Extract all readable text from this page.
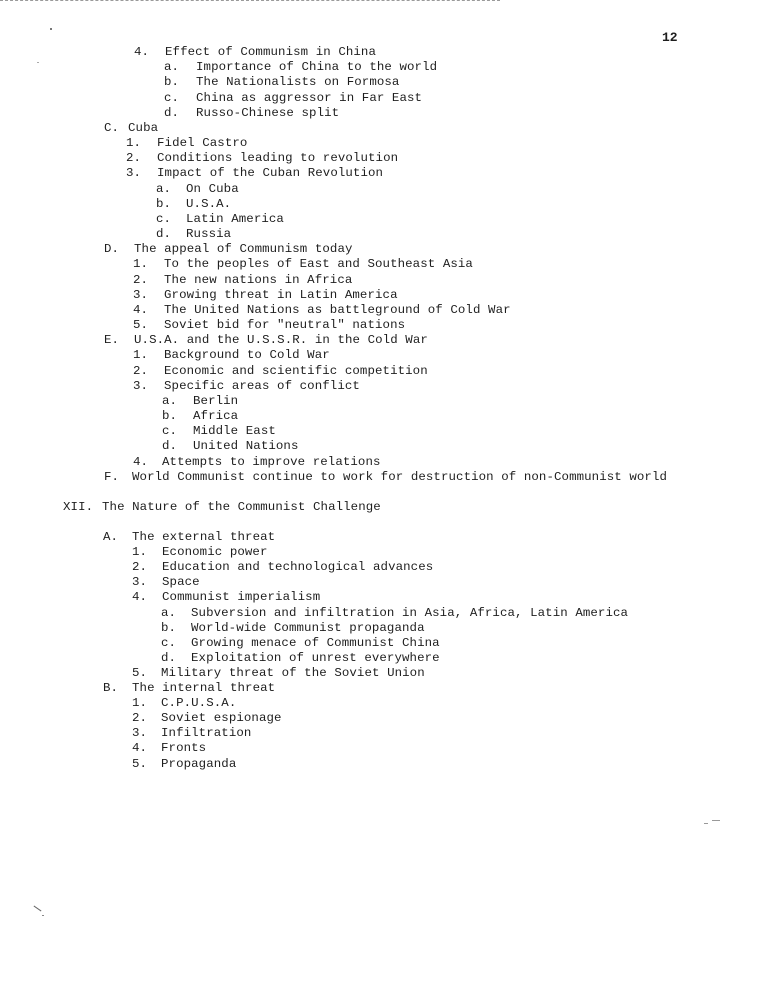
12

4. Effect of Communism in China

a. Importance of China to the world

b. The Nationalists on Formosa

c. China as aggressor in Far East

d. Russo-Chinese split

C. Cuba

1. Fidel Castro

2. Conditions leading to revolution

3. Impact of the Cuban Revolution

a. On Cuba

b. U.S.A.

c. Latin America

d. Russia

D. The appeal of Communism today

1. To the peoples of East and Southeast Asia

2. The new nations in Africa

3. Growing threat in Latin America

4. The United Nations as battleground of Cold War

5. Soviet bid for "neutral" nations

E. U.S.A. and the U.S.S.R. in the Cold War

1. Background to Cold War

2. Economic and scientific competition

3. Specific areas of conflict

a. Berlin

b. Africa

c. Middle East

d. United Nations

4. Attempts to improve relations

F. World Communist continue to work for destruction of non-Communist world

XII. The Nature of the Communist Challenge

A. The external threat

1. Economic power

2. Education and technological advances

3. Space

4. Communist imperialism

a. Subversion and infiltration in Asia, Africa, Latin America

b. World-wide Communist propaganda

c. Growing menace of Communist China

d. Exploitation of unrest everywhere

5. Military threat of the Soviet Union

B. The internal threat

1. C.P.U.S.A.

2. Soviet espionage

3. Infiltration

4. Fronts

5. Propaganda
